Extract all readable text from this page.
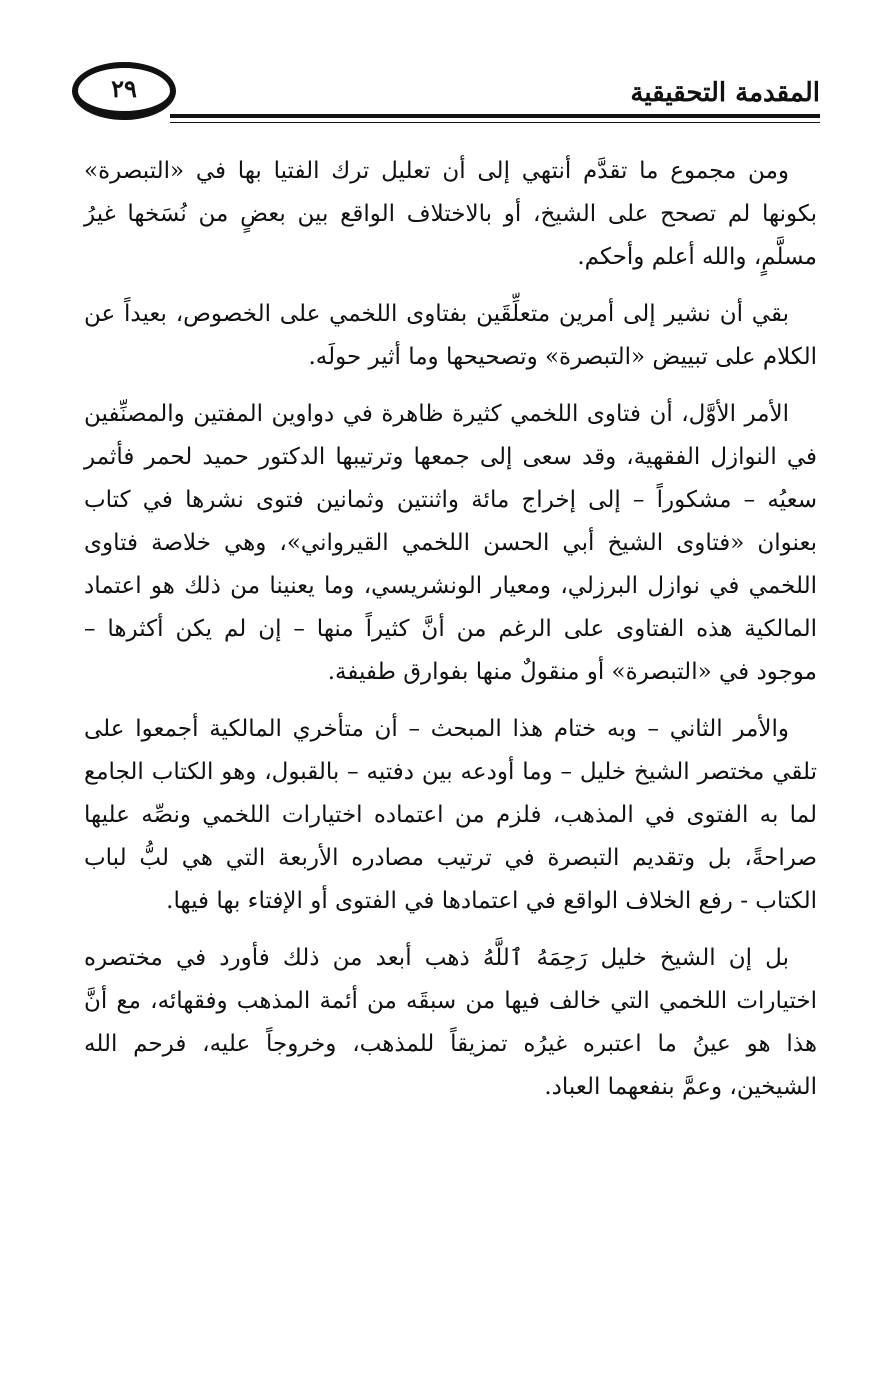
٢٩	المقدمة التحقيقية

ومن مجموع ما تقدَّم أنتهي إلى أن تعليل ترك الفتيا بها في «التبصرة» بكونها لم تصحح على الشيخ، أو بالاختلاف الواقع بين بعضٍ من نُسَخها غيرُ مسلَّمٍ، والله أعلم وأحكم.

بقي أن نشير إلى أمرين متعلِّقَين بفتاوى اللخمي على الخصوص، بعيداً عن الكلام على تبييض «التبصرة» وتصحيحها وما أثير حولَه.

الأمر الأوَّل، أن فتاوى اللخمي كثيرة ظاهرة في دواوين المفتين والمصنِّفين في النوازل الفقهية، وقد سعى إلى جمعها وترتيبها الدكتور حميد لحمر فأثمر سعيُه – مشكوراً – إلى إخراج مائة واثنتين وثمانين فتوى نشرها في كتاب بعنوان «فتاوى الشيخ أبي الحسن اللخمي القيرواني»، وهي خلاصة فتاوى اللخمي في نوازل البرزلي، ومعيار الونشريسي، وما يعنينا من ذلك هو اعتماد المالكية هذه الفتاوى على الرغم من أنَّ كثيراً منها – إن لم يكن أكثرها – موجود في «التبصرة» أو منقولٌ منها بفوارق طفيفة.

والأمر الثاني – وبه ختام هذا المبحث – أن متأخري المالكية أجمعوا على تلقي مختصر الشيخ خليل – وما أودعه بين دفتيه – بالقبول، وهو الكتاب الجامع لما به الفتوى في المذهب، فلزم من اعتماده اختيارات اللخمي ونصِّه عليها صراحةً، بل وتقديم التبصرة في ترتيب مصادره الأربعة التي هي لبُّ لباب الكتاب - رفع الخلاف الواقع في اعتمادها في الفتوى أو الإفتاء بها فيها.

بل إن الشيخ خليل رَحِمَهُ ٱللَّهُ ذهب أبعد من ذلك فأورد في مختصره اختيارات اللخمي التي خالف فيها من سبقَه من أئمة المذهب وفقهائه، مع أنَّ هذا هو عينُ ما اعتبره غيرُه تمزيقاً للمذهب، وخروجاً عليه، فرحم الله الشيخين، وعمَّ بنفعهما العباد.
